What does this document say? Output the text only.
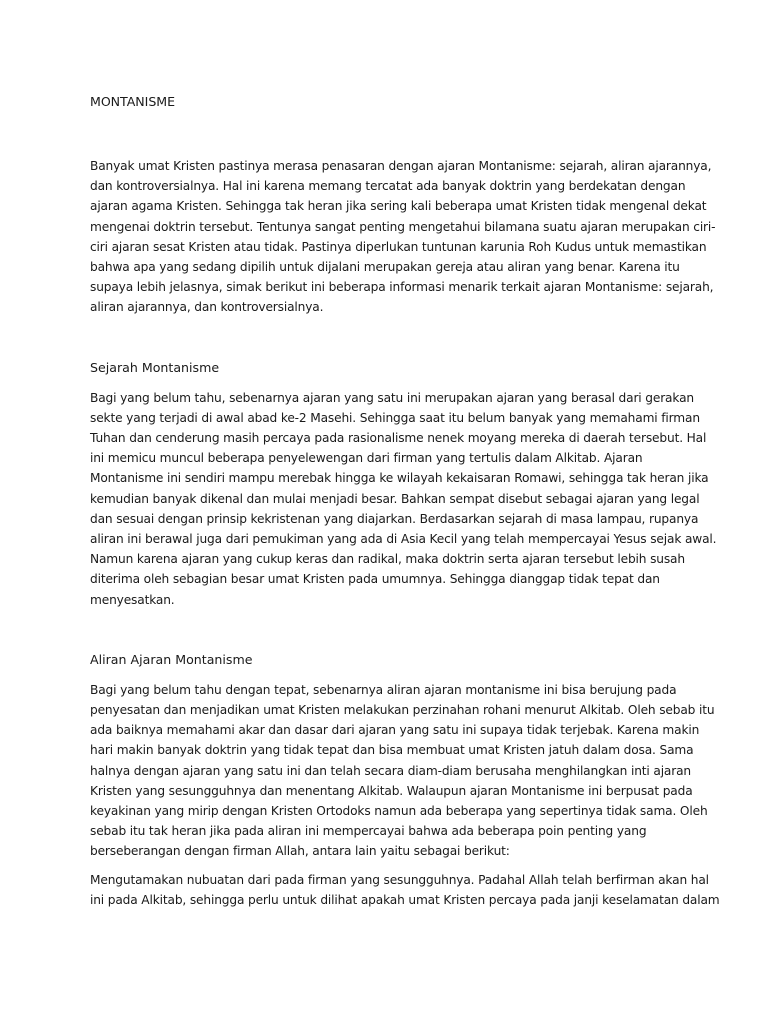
MONTANISME

Banyak umat Kristen pastinya merasa penasaran dengan ajaran Montanisme: sejarah, aliran ajarannya,
dan kontroversialnya. Hal ini karena memang tercatat ada banyak doktrin yang berdekatan dengan
ajaran agama Kristen. Sehingga tak heran jika sering kali beberapa umat Kristen tidak mengenal dekat
mengenai doktrin tersebut. Tentunya sangat penting mengetahui bilamana suatu ajaran merupakan ciri-
ciri ajaran sesat Kristen atau tidak. Pastinya diperlukan tuntunan karunia Roh Kudus untuk memastikan
bahwa apa yang sedang dipilih untuk dijalani merupakan gereja atau aliran yang benar. Karena itu
supaya lebih jelasnya, simak berikut ini beberapa informasi menarik terkait ajaran Montanisme: sejarah,
aliran ajarannya, dan kontroversialnya.

Sejarah Montanisme

Bagi yang belum tahu, sebenarnya ajaran yang satu ini merupakan ajaran yang berasal dari gerakan
sekte yang terjadi di awal abad ke-2 Masehi. Sehingga saat itu belum banyak yang memahami firman
Tuhan dan cenderung masih percaya pada rasionalisme nenek moyang mereka di daerah tersebut. Hal
ini memicu muncul beberapa penyelewengan dari firman yang tertulis dalam Alkitab. Ajaran
Montanisme ini sendiri mampu merebak hingga ke wilayah kekaisaran Romawi, sehingga tak heran jika
kemudian banyak dikenal dan mulai menjadi besar. Bahkan sempat disebut sebagai ajaran yang legal
dan sesuai dengan prinsip kekristenan yang diajarkan. Berdasarkan sejarah di masa lampau, rupanya
aliran ini berawal juga dari pemukiman yang ada di Asia Kecil yang telah mempercayai Yesus sejak awal.
Namun karena ajaran yang cukup keras dan radikal, maka doktrin serta ajaran tersebut lebih susah
diterima oleh sebagian besar umat Kristen pada umumnya. Sehingga dianggap tidak tepat dan
menyesatkan.

Aliran Ajaran Montanisme

Bagi yang belum tahu dengan tepat, sebenarnya aliran ajaran montanisme ini bisa berujung pada
penyesatan dan menjadikan umat Kristen melakukan perzinahan rohani menurut Alkitab. Oleh sebab itu
ada baiknya memahami akar dan dasar dari ajaran yang satu ini supaya tidak terjebak. Karena makin
hari makin banyak doktrin yang tidak tepat dan bisa membuat umat Kristen jatuh dalam dosa. Sama
halnya dengan ajaran yang satu ini dan telah secara diam-diam berusaha menghilangkan inti ajaran
Kristen yang sesungguhnya dan menentang Alkitab. Walaupun ajaran Montanisme ini berpusat pada
keyakinan yang mirip dengan Kristen Ortodoks namun ada beberapa yang sepertinya tidak sama. Oleh
sebab itu tak heran jika pada aliran ini mempercayai bahwa ada beberapa poin penting yang
berseberangan dengan firman Allah, antara lain yaitu sebagai berikut:

Mengutamakan nubuatan dari pada firman yang sesungguhnya. Padahal Allah telah berfirman akan hal
ini pada Alkitab, sehingga perlu untuk dilihat apakah umat Kristen percaya pada janji keselamatan dalam
